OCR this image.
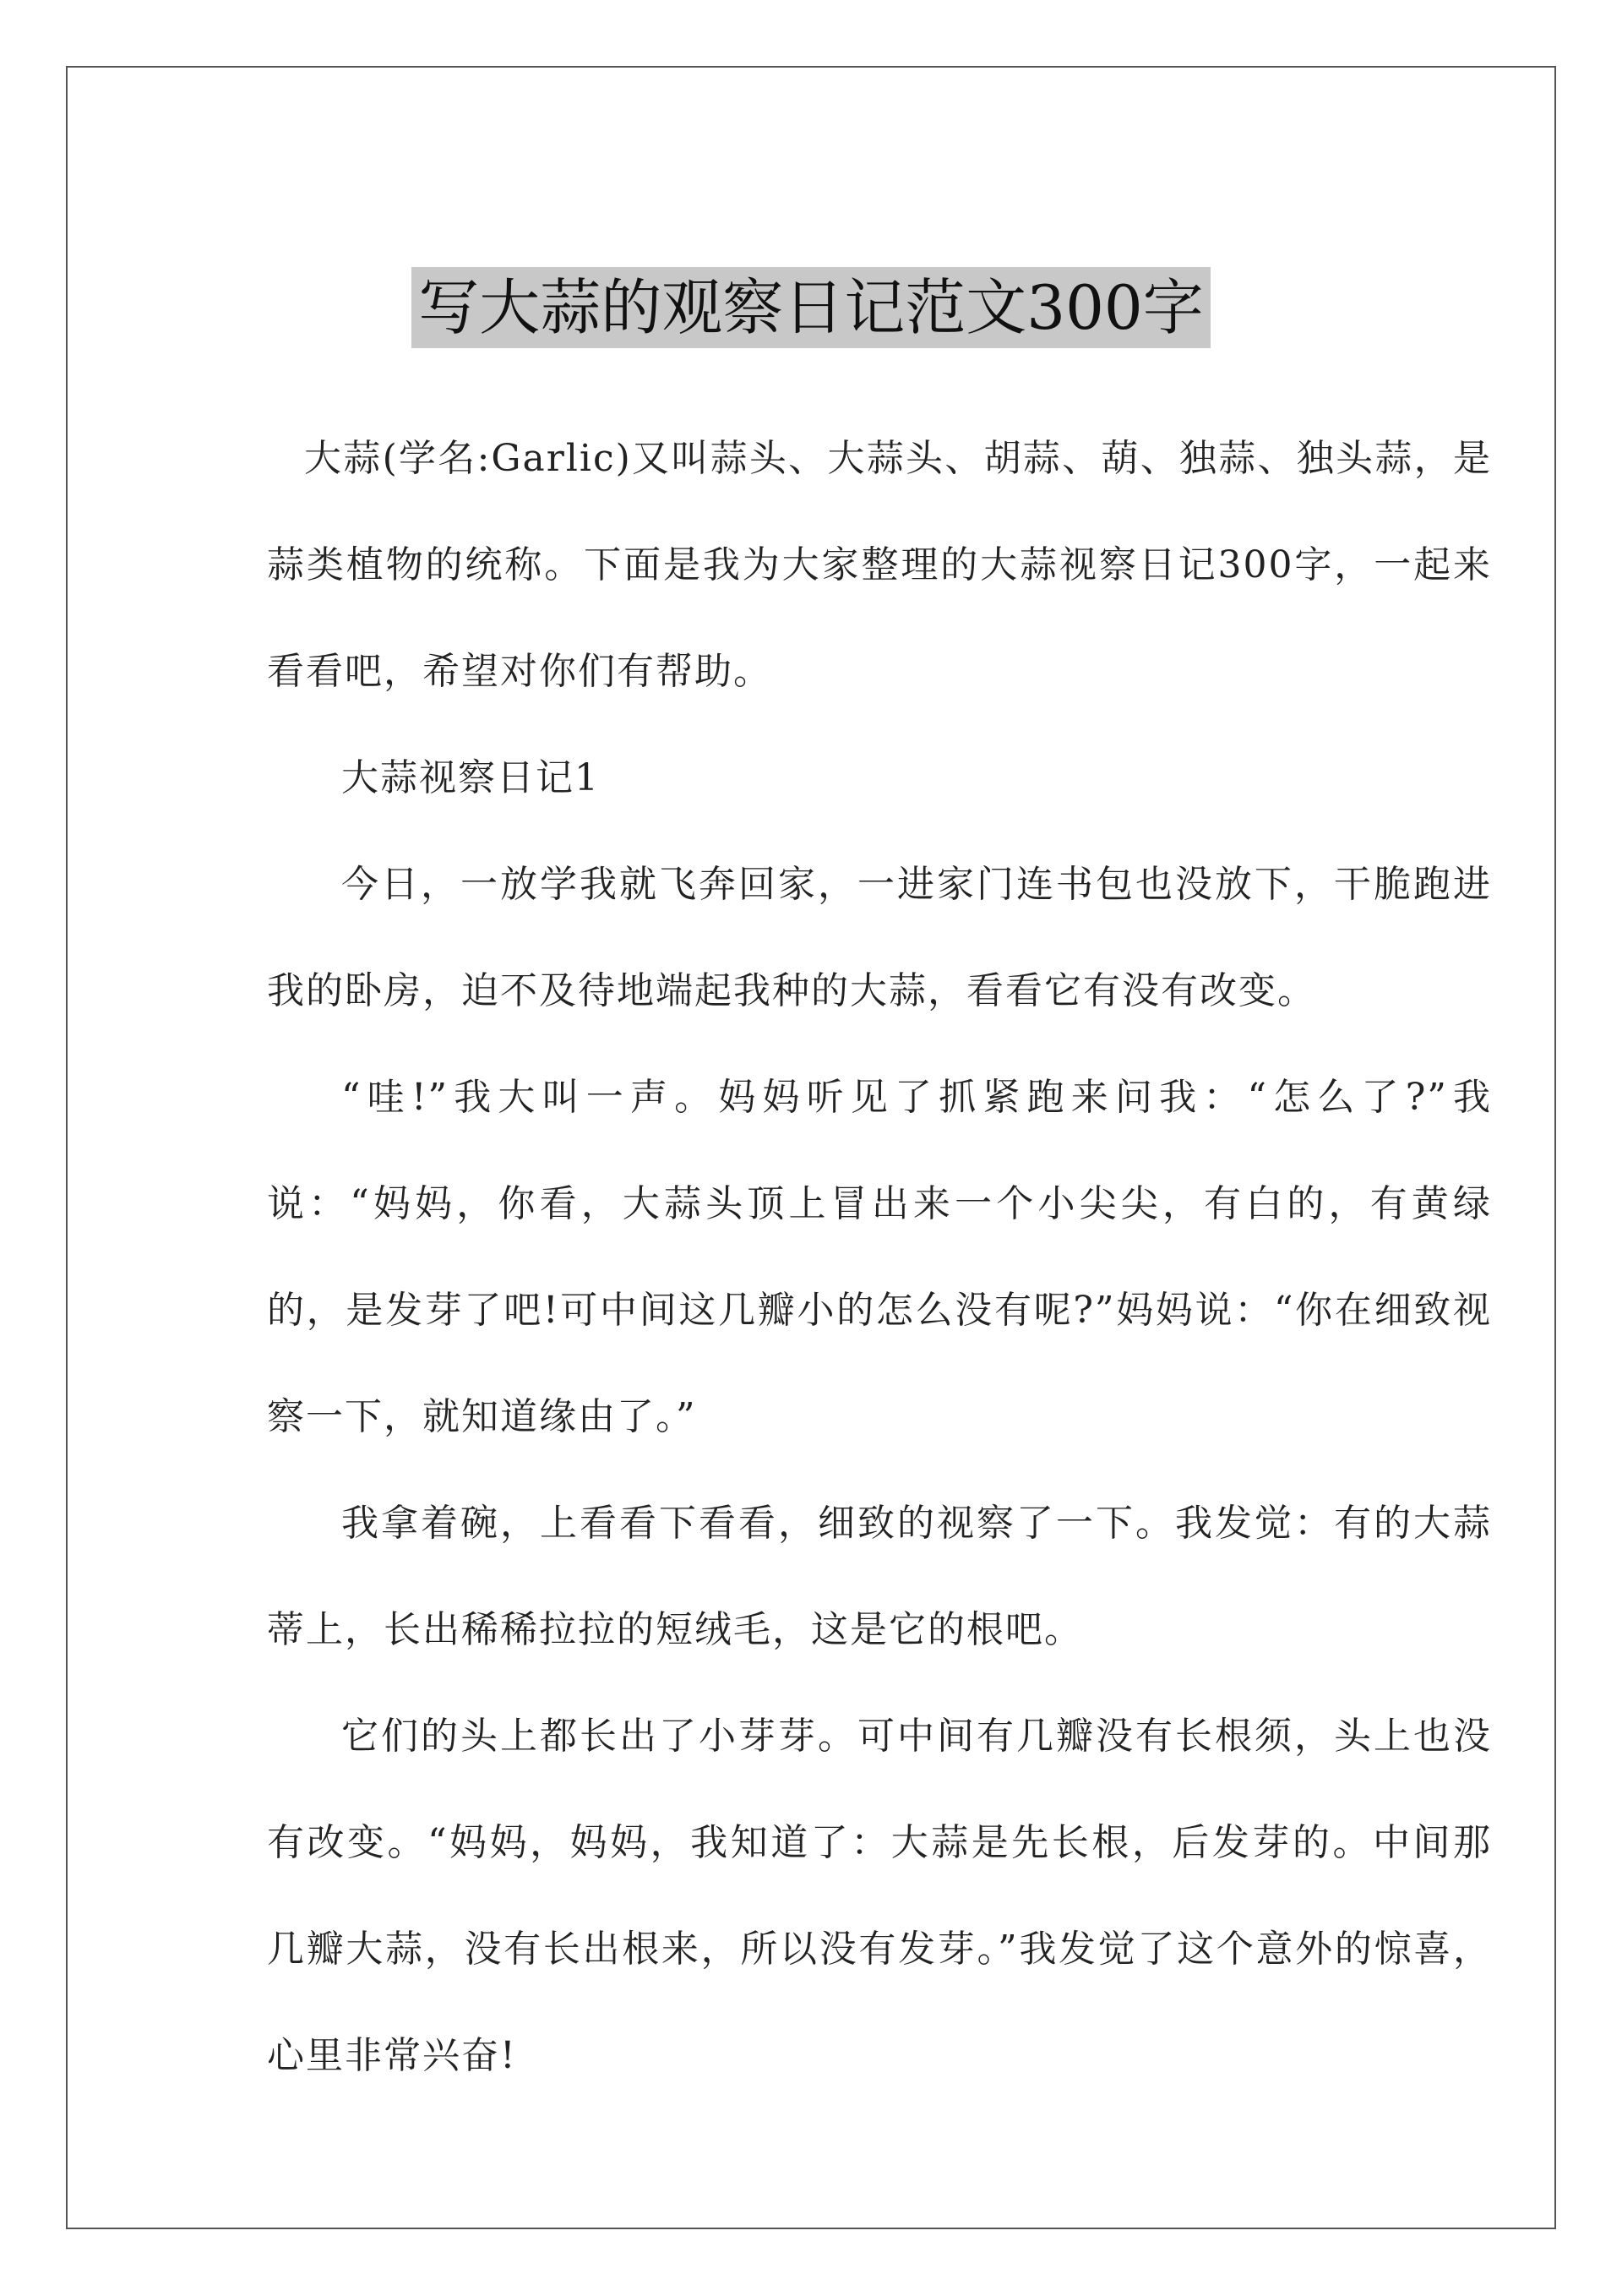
写大蒜的观察日记范文300字

大蒜(学名:Garlic)又叫蒜头、大蒜头、胡蒜、葫、独蒜、独头蒜，是蒜类植物的统称。下面是我为大家整理的大蒜视察日记300字，一起来看看吧，希望对你们有帮助。

大蒜视察日记1

今日，一放学我就飞奔回家，一进家门连书包也没放下，干脆跑进我的卧房，迫不及待地端起我种的大蒜，看看它有没有改变。

“哇!”我大叫一声。妈妈听见了抓紧跑来问我：“怎么了?”我说：“妈妈，你看，大蒜头顶上冒出来一个小尖尖，有白的，有黄绿的，是发芽了吧!可中间这几瓣小的怎么没有呢?”妈妈说：“你在细致视察一下，就知道缘由了。”

我拿着碗，上看看下看看，细致的视察了一下。我发觉：有的大蒜蒂上，长出稀稀拉拉的短绒毛，这是它的根吧。

它们的头上都长出了小芽芽。可中间有几瓣没有长根须，头上也没有改变。“妈妈，妈妈，我知道了：大蒜是先长根，后发芽的。中间那几瓣大蒜，没有长出根来，所以没有发芽。”我发觉了这个意外的惊喜，心里非常兴奋!
